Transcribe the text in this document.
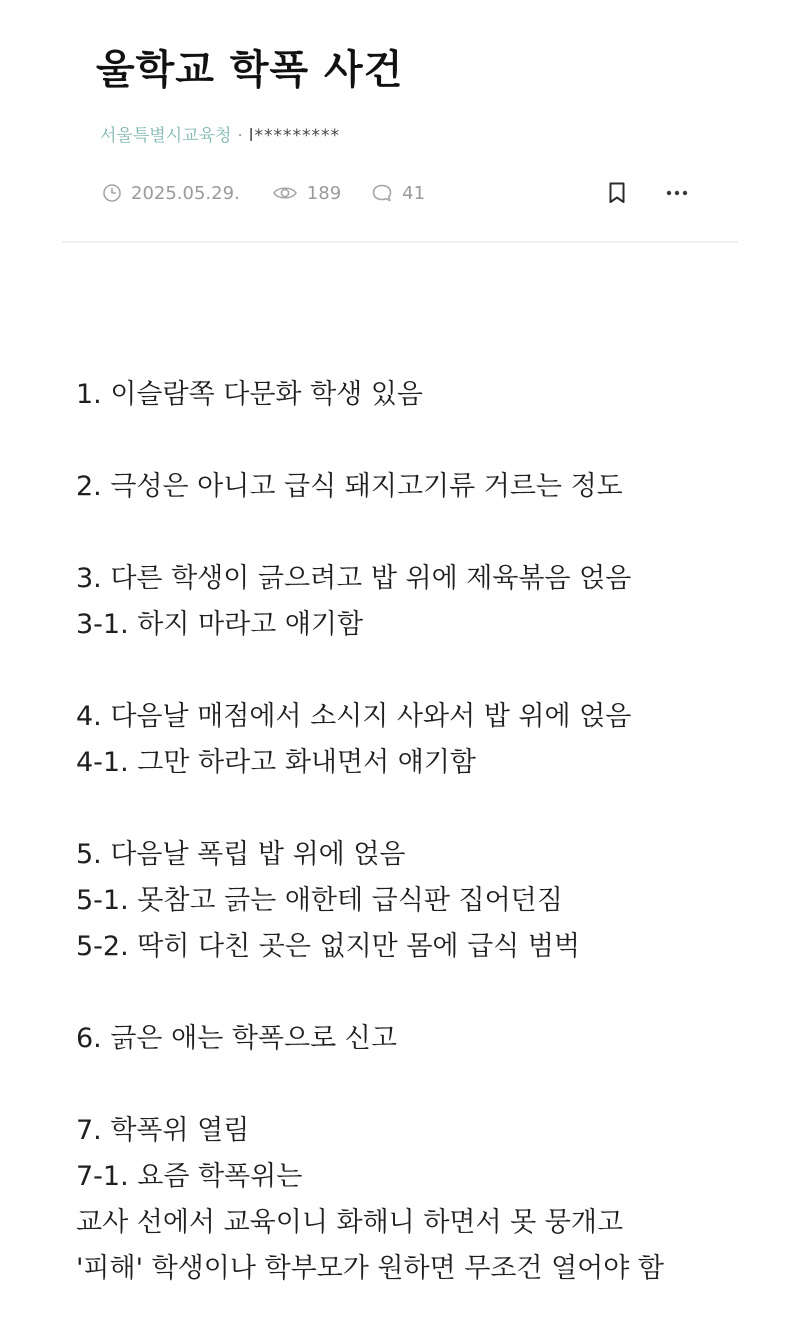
울학교 학폭 사건
서울특별시교육청 · l*********
2025.05.29.	189	41
1. 이슬람쪽 다문화 학생 있음
2. 극성은 아니고 급식 돼지고기류 거르는 정도
3. 다른 학생이 긁으려고 밥 위에 제육볶음 얹음
3-1. 하지 마라고 얘기함
4. 다음날 매점에서 소시지 사와서 밥 위에 얹음
4-1. 그만 하라고 화내면서 얘기함
5. 다음날 폭립 밥 위에 얹음
5-1. 못참고 긁는 애한테 급식판 집어던짐
5-2. 딱히 다친 곳은 없지만 몸에 급식 범벅
6. 긁은 애는 학폭으로 신고
7. 학폭위 열림
7-1. 요즘 학폭위는
교사 선에서 교육이니 화해니 하면서 못 뭉개고
'피해' 학생이나 학부모가 원하면 무조건 열어야 함
